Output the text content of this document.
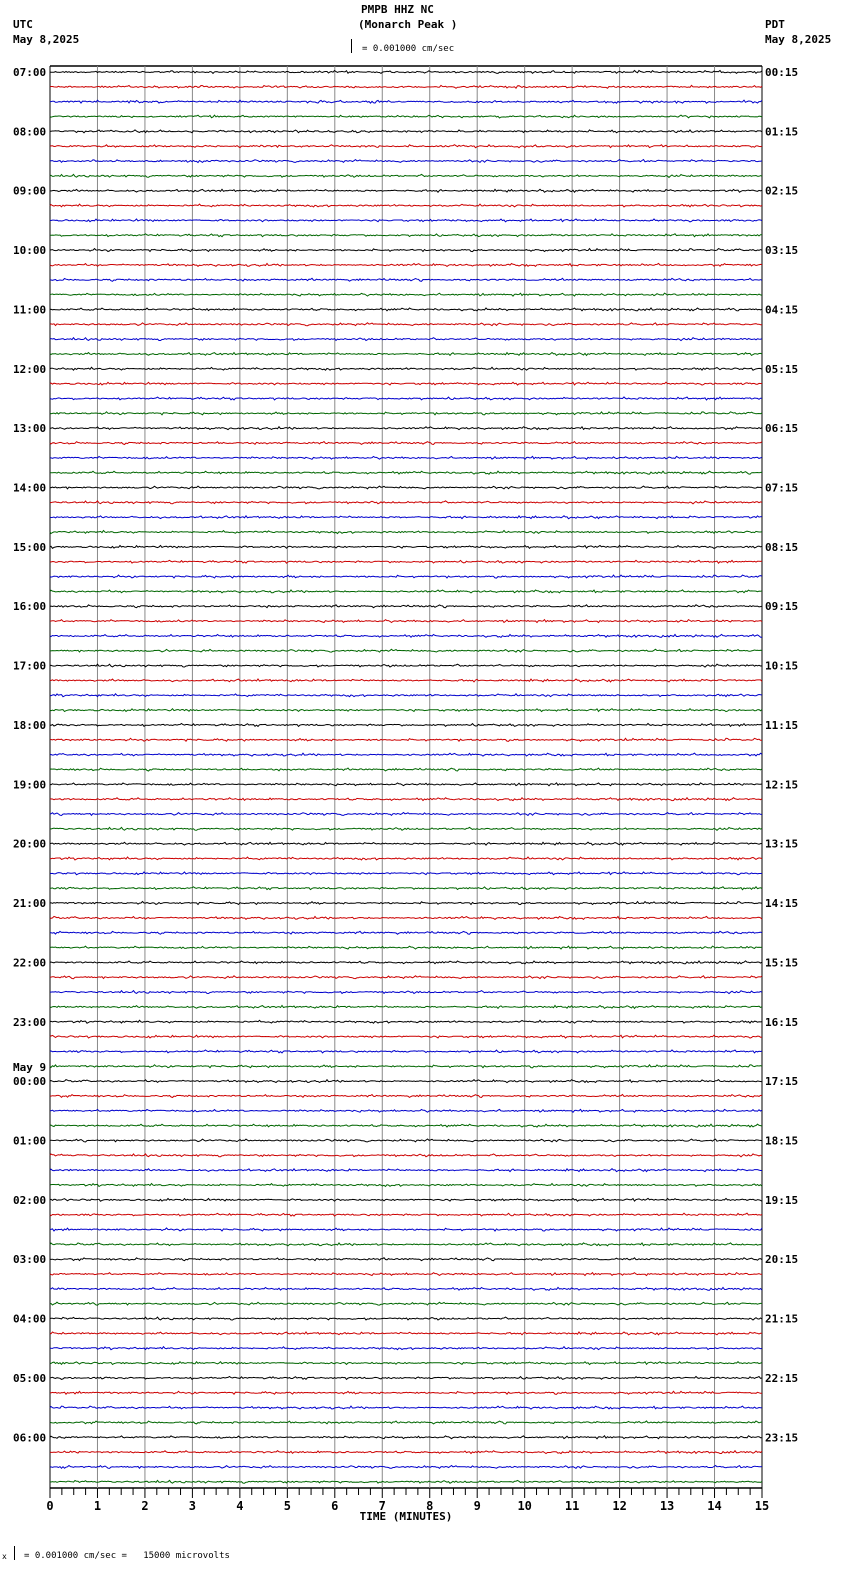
PMPB HHZ NC
(Monarch Peak )
UTC
May 8,2025
PDT
May 8,2025
= 0.001000 cm/sec
0	1	2	3	4	5	6	7	8	9	10	11	12	13	14	15
TIME (MINUTES)
07:00	00:15
08:00	01:15
09:00	02:15
10:00	03:15
11:00	04:15
12:00	05:15
13:00	06:15
14:00	07:15
15:00	08:15
16:00	09:15
17:00	10:15
18:00	11:15
19:00	12:15
20:00	13:15
21:00	14:15
22:00	15:15
23:00	16:15
00:00	17:15
May 9
01:00	18:15
02:00	19:15
03:00	20:15
04:00	21:15
05:00	22:15
06:00	23:15
x = 0.001000 cm/sec =   15000 microvolts
